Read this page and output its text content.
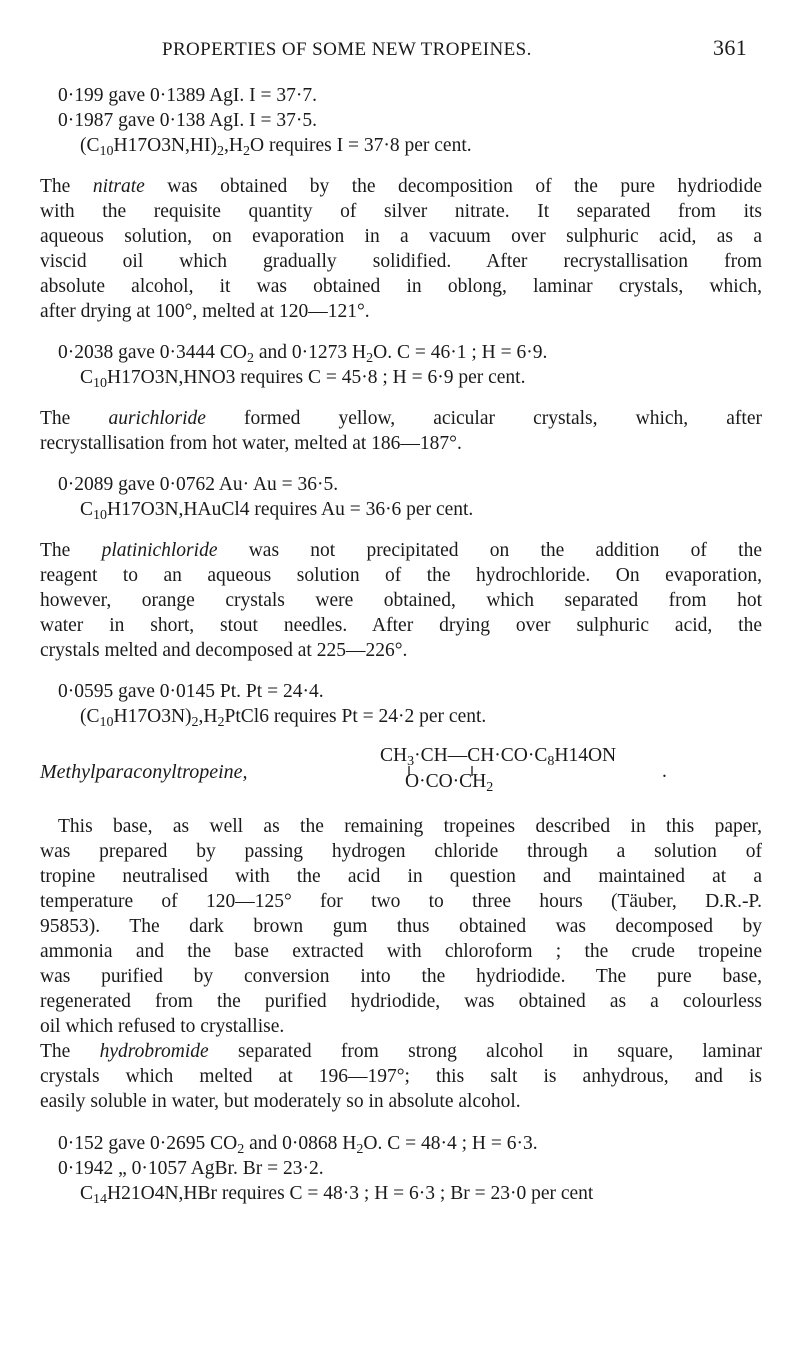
PROPERTIES OF SOME NEW TROPEINES.	361
0·199 gave 0·1389 AgI. I = 37·7.
0·1987 gave 0·138 AgI. I = 37·5.
$(C_{10}H17O3N,HI)_2,H_2O$ requires I = 37·8 per cent.
The nitrate was obtained by the decomposition of the pure hydriodide
with the requisite quantity of silver nitrate. It separated from its
aqueous solution, on evaporation in a vacuum over sulphuric acid, as a
viscid oil which gradually solidified. After recrystallisation from
absolute alcohol, it was obtained in oblong, laminar crystals, which,
after drying at 100°, melted at 120—121°.
0·2038 gave 0·3444 $CO_2$ and 0·1273 $H_2O$. C = 46·1 ; H = 6·9.
$C_{10}H17O3N,HNO3$ requires C = 45·8 ; H = 6·9 per cent.
The aurichloride formed yellow, acicular crystals, which, after
recrystallisation from hot water, melted at 186—187°.
0·2089 gave 0·0762 Au· Au = 36·5.
$C_{10}H17O3N,HAuCl4$ requires Au = 36·6 per cent.
The platinichloride was not precipitated on the addition of the
reagent to an aqueous solution of the hydrochloride. On evaporation,
however, orange crystals were obtained, which separated from hot
water in short, stout needles. After drying over sulphuric acid, the
crystals melted and decomposed at 225—226°.
0·0595 gave 0·0145 Pt. Pt = 24·4.
$(C_{10}H17O3N)_2,H_2PtCl6$ requires Pt = 24·2 per cent.
Methylparaconyltropeine,
$CH_3\cdot CH—CH\cdot CO\cdot C_8H14ON$
$O\cdot CO\cdot CH_2$
.
This base, as well as the remaining tropeines described in this paper,
was prepared by passing hydrogen chloride through a solution of
tropine neutralised with the acid in question and maintained at a
temperature of 120—125° for two to three hours (Täuber, D.R.-P.
95853). The dark brown gum thus obtained was decomposed by
ammonia and the base extracted with chloroform ; the crude tropeine
was purified by conversion into the hydriodide. The pure base,
regenerated from the purified hydriodide, was obtained as a colourless
oil which refused to crystallise.
The hydrobromide separated from strong alcohol in square, laminar
crystals which melted at 196—197°; this salt is anhydrous, and is
easily soluble in water, but moderately so in absolute alcohol.
0·152 gave 0·2695 $CO_2$ and 0·0868 $H_2O$. C = 48·4 ; H = 6·3.
0·1942 „ 0·1057 AgBr. Br = 23·2.
$C_{14}H21O4N,HBr$ requires C = 48·3 ; H = 6·3 ; Br = 23·0 per cent
